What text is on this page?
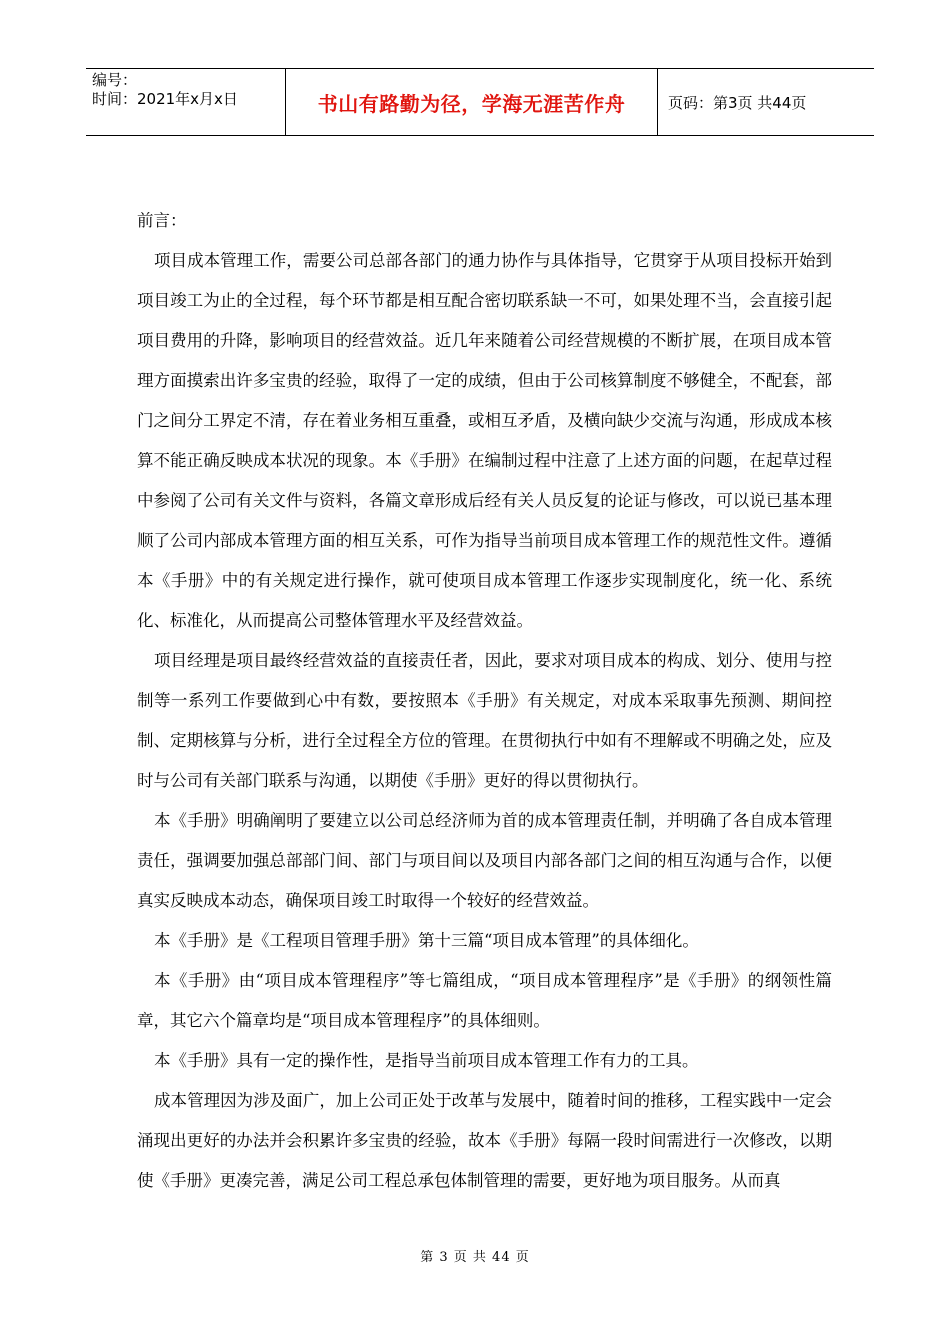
编号：
时间：2021年x月x日	书山有路勤为径，学海无涯苦作舟	页码：第3页 共44页

前言：

项目成本管理工作，需要公司总部各部门的通力协作与具体指导，它贯穿于从项目投标开始到项目竣工为止的全过程，每个环节都是相互配合密切联系缺一不可，如果处理不当，会直接引起项目费用的升降，影响项目的经营效益。近几年来随着公司经营规模的不断扩展，在项目成本管理方面摸索出许多宝贵的经验，取得了一定的成绩，但由于公司核算制度不够健全，不配套，部门之间分工界定不清，存在着业务相互重叠，或相互矛盾，及横向缺少交流与沟通，形成成本核算不能正确反映成本状况的现象。本《手册》在编制过程中注意了上述方面的问题，在起草过程中参阅了公司有关文件与资料，各篇文章形成后经有关人员反复的论证与修改，可以说已基本理顺了公司内部成本管理方面的相互关系，可作为指导当前项目成本管理工作的规范性文件。遵循本《手册》中的有关规定进行操作，就可使项目成本管理工作逐步实现制度化，统一化、系统化、标准化，从而提高公司整体管理水平及经营效益。

项目经理是项目最终经营效益的直接责任者，因此，要求对项目成本的构成、划分、使用与控制等一系列工作要做到心中有数，要按照本《手册》有关规定，对成本采取事先预测、期间控制、定期核算与分析，进行全过程全方位的管理。在贯彻执行中如有不理解或不明确之处，应及时与公司有关部门联系与沟通，以期使《手册》更好的得以贯彻执行。

本《手册》明确阐明了要建立以公司总经济师为首的成本管理责任制，并明确了各自成本管理责任，强调要加强总部部门间、部门与项目间以及项目内部各部门之间的相互沟通与合作，以便真实反映成本动态，确保项目竣工时取得一个较好的经营效益。

本《手册》是《工程项目管理手册》第十三篇“项目成本管理”的具体细化。

本《手册》由“项目成本管理程序”等七篇组成，“项目成本管理程序”是《手册》的纲领性篇章，其它六个篇章均是“项目成本管理程序”的具体细则。

本《手册》具有一定的操作性，是指导当前项目成本管理工作有力的工具。

成本管理因为涉及面广，加上公司正处于改革与发展中，随着时间的推移，工程实践中一定会涌现出更好的办法并会积累许多宝贵的经验，故本《手册》每隔一段时间需进行一次修改，以期使《手册》更凑完善，满足公司工程总承包体制管理的需要，更好地为项目服务。从而真

第 3 页 共 44 页
